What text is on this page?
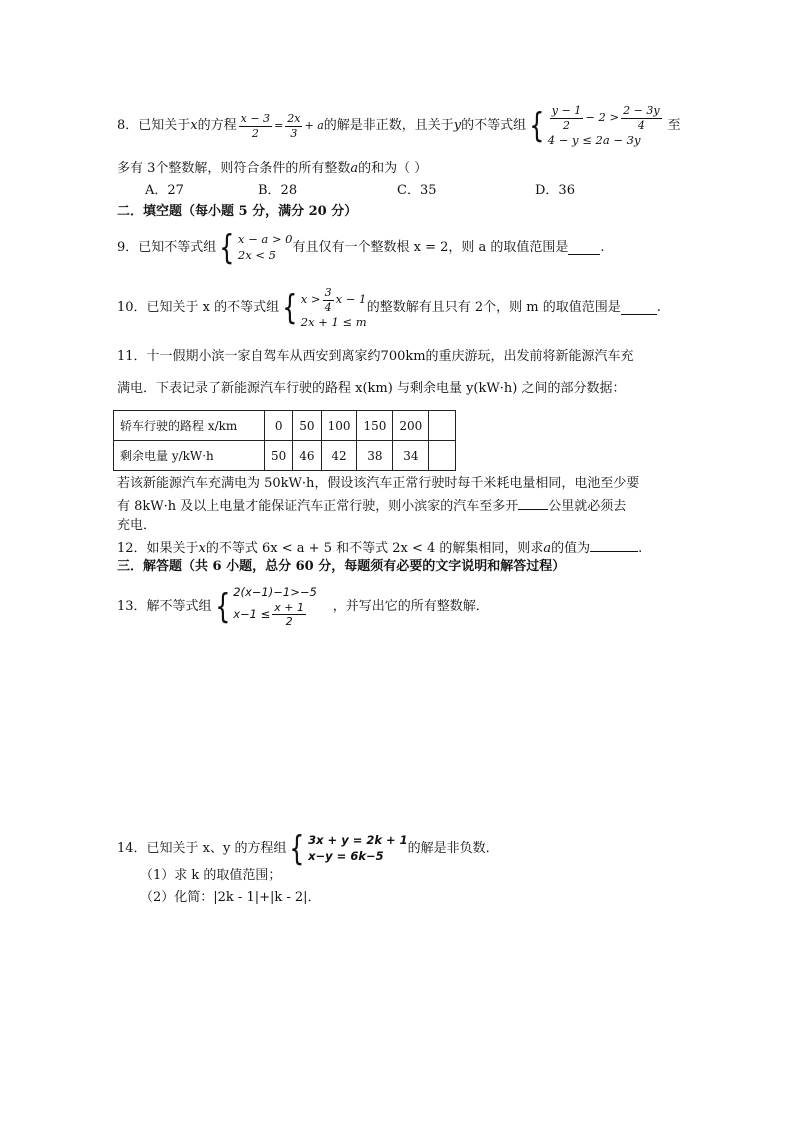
8．已知关于 x 的方程 $\frac{x - 3}{2} = \frac{2x}{3} + a$ 的解是非正数，且关于 y 的不等式组 { $\frac{y - 1}{2} - 2 > \frac{2 - 3y}{4}$
4 − y ≤ 2a − 3y
至
多有 3个整数解，则符合条件的所有整数a的和为（ ）
A．27	B．28	C．35	D．36
二．填空题（每小题 5 分，满分 20 分）
9．已知不等式组 { x − a > 0
2x < 5	有且仅有一个整数根 x = 2，则 a 的取值范围是 .
10．已知关于 x 的不等式组 { $x > \frac{3}{4}$ x − 1
2x + 1 ≤ m
的整数解有且只有 2个，则 m 的取值范围是	.
11．十一假期小滨一家自驾车从西安到离家约700km的重庆游玩，出发前将新能源汽车充
满电．下表记录了新能源汽车行驶的路程 x(km) 与剩余电量 y(kW·h) 之间的部分数据：
轿车行驶的路程 x/km	0	50	100	150	200	
剩余电量 y/kW·h	50	46	42	38	34	
若该新能源汽车充满电为 50kW·h，假设该汽车正常行驶时每千米耗电量相同，电池至少要
有 8kW·h 及以上电量才能保证汽车正常行驶，则小滨家的汽车至多开 公里就必须去
充电．
12．如果关于x的不等式 6x < a + 5 和不等式 2x < 4 的解集相同，则求a的值为	.
三．解答题（共 6 小题，总分 60 分，每题须有必要的文字说明和解答过程）
13．解不等式组 { 2(x−1)−1>−5
$x-1 \le \frac{x + 1}{2}$ ，并写出它的所有整数解．
14．已知关于 x、y 的方程组 { 3x + y = 2k + 1
x−y = 6k−5	的解是非负数．
（1）求 k 的取值范围；
（2）化简：|2k - 1|+|k - 2|．
